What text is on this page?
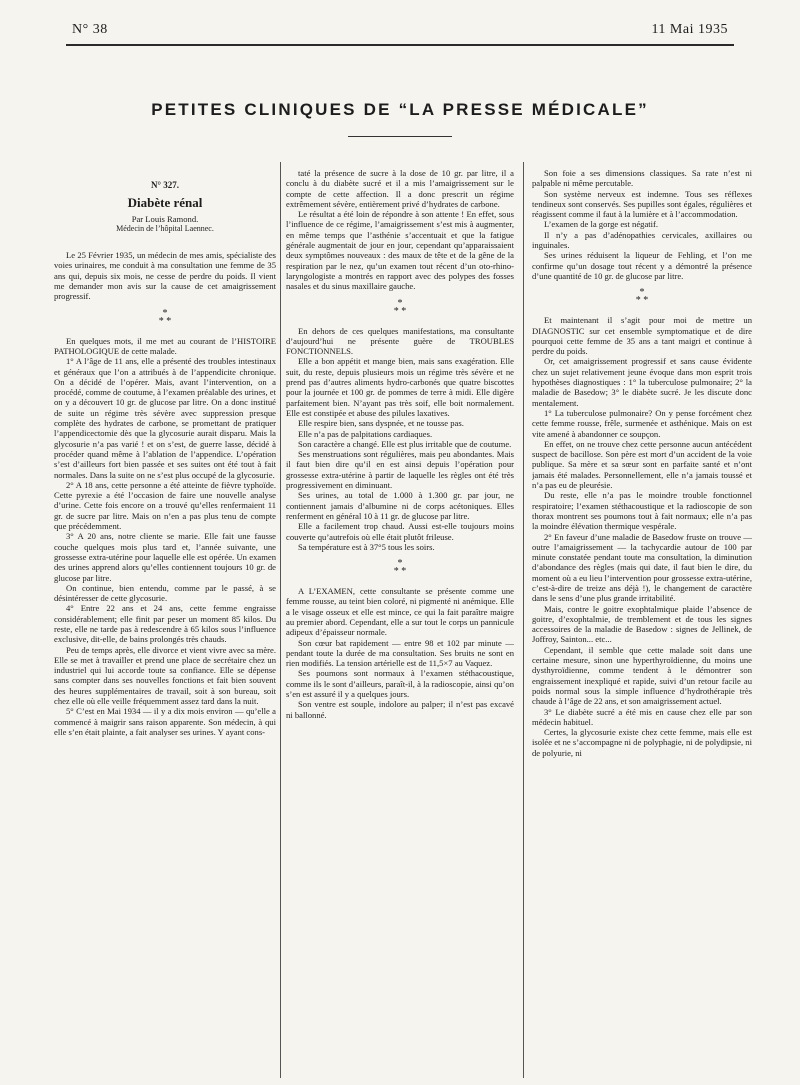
N° 38	11 Mai 1935
PETITES CLINIQUES DE “LA PRESSE MÉDICALE”
N° 327.
Diabète rénal
Par Louis Ramond.
Médecin de l’hôpital Laennec.

Le 25 Février 1935, un médecin de mes amis, spécialiste des voies urinaires, me conduit à ma consultation une femme de 35 ans qui, depuis six mois, ne cesse de perdre du poids. Il vient me demander mon avis sur la cause de cet amaigrissement progressif.

*
* *

En quelques mots, il me met au courant de l’HISTOIRE PATHOLOGIQUE de cette malade.

1° A l’âge de 11 ans, elle a présenté des troubles intestinaux et généraux que l’on a attribués à de l’appendicite chronique. On a décidé de l’opérer. Mais, avant l’intervention, on a procédé, comme de coutume, à l’examen préalable des urines, et on y a découvert 10 gr. de glucose par litre. On a donc institué de suite un régime très sévère avec suppression presque complète des hydrates de carbone, se promettant de pratiquer l’appendicectomie dès que la glycosurie aurait disparu. Mais la glycosurie n’a pas varié ! et on s’est, de guerre lasse, décidé à procéder quand même à l’ablation de l’appendice. L’opération s’est d’ailleurs fort bien passée et ses suites ont été tout à fait normales. Dans la suite on ne s’est plus occupé de la glycosurie.

2° A 18 ans, cette personne a été atteinte de fièvre typhoïde. Cette pyrexie a été l’occasion de faire une nouvelle analyse d’urine. Cette fois encore on a trouvé qu’elles renfermaient 11 gr. de sucre par litre. Mais on n’en a pas plus tenu de compte que précédemment.

3° A 20 ans, notre cliente se marie. Elle fait une fausse couche quelques mois plus tard et, l’année suivante, une grossesse extra-utérine pour laquelle elle est opérée. Un examen des urines apprend alors qu’elles contiennent toujours 10 gr. de glucose par litre.

On continue, bien entendu, comme par le passé, à se désintéresser de cette glycosurie.

4° Entre 22 ans et 24 ans, cette femme engraisse considérablement; elle finit par peser un moment 85 kilos. Du reste, elle ne tarde pas à redescendre à 65 kilos sous l’influence exclusive, dit-elle, de bains prolongés très chauds.

Peu de temps après, elle divorce et vient vivre avec sa mère. Elle se met à travailler et prend une place de secrétaire chez un industriel qui lui accorde toute sa confiance. Elle se dépense sans compter dans ses nouvelles fonctions et fait bien souvent des heures supplémentaires de travail, soit à son bureau, soit chez elle où elle veille fréquemment assez tard dans la nuit.

5° C’est en Mai 1934 — il y a dix mois environ — qu’elle a commencé à maigrir sans raison apparente. Son médecin, à qui elle s’en était plainte, a fait analyser ses urines. Y ayant cons-

taté la présence de sucre à la dose de 10 gr. par litre, il a conclu à du diabète sucré et il a mis l’amaigrissement sur le compte de cette affection. Il a donc prescrit un régime extrêmement sévère, entièrement privé d’hydrates de carbone.

Le résultat a été loin de répondre à son attente ! En effet, sous l’influence de ce régime, l’amaigrissement s’est mis à augmenter, en même temps que l’asthénie s’accentuait et que la fatigue générale augmentait de jour en jour, cependant qu’apparaissaient deux symptômes nouveaux : des maux de tête et de la gêne de la respiration par le nez, qu’un examen tout récent d’un oto-rhino-laryngologiste a montrés en rapport avec des polypes des fosses nasales et du sinus maxillaire gauche.

*
* *

En dehors de ces quelques manifestations, ma consultante d’aujourd’hui ne présente guère de TROUBLES FONCTIONNELS.

Elle a bon appétit et mange bien, mais sans exagération. Elle suit, du reste, depuis plusieurs mois un régime très sévère et ne prend pas d’autres aliments hydro-carbonés que quatre biscottes pour la journée et 100 gr. de pommes de terre à midi. Elle digère parfaitement bien. N’ayant pas très soif, elle boit normalement. Elle est constipée et abuse des pilules laxatives.

Elle respire bien, sans dyspnée, et ne tousse pas.

Elle n’a pas de palpitations cardiaques.

Son caractère a changé. Elle est plus irritable que de coutume.

Ses menstruations sont régulières, mais peu abondantes. Mais il faut bien dire qu’il en est ainsi depuis l’opération pour grossesse extra-utérine à partir de laquelle les règles ont été très progressivement en diminuant.

Ses urines, au total de 1.000 à 1.300 gr. par jour, ne contiennent jamais d’albumine ni de corps acétoniques. Elles renferment en général 10 à 11 gr. de glucose par litre.

Elle a facilement trop chaud. Aussi est-elle toujours moins couverte qu’autrefois où elle était plutôt frileuse.

Sa température est à 37°5 tous les soirs.

*
* *

A L’EXAMEN, cette consultante se présente comme une femme rousse, au teint bien coloré, ni pigmenté ni anémique. Elle a le visage osseux et elle est mince, ce qui la fait paraître maigre au premier abord. Cependant, elle a sur tout le corps un pannicule adipeux d’épaisseur normale.

Son cœur bat rapidement — entre 98 et 102 par minute — pendant toute la durée de ma consultation. Ses bruits ne sont en rien modifiés. La tension artérielle est de 11,5×7 au Vaquez.

Ses poumons sont normaux à l’examen stéthacoustique, comme ils le sont d’ailleurs, paraît-il, à la radioscopie, ainsi qu’on s’en est assuré il y a quelques jours.

Son ventre est souple, indolore au palper; il n’est pas excavé ni ballonné.

Son foie a ses dimensions classiques. Sa rate n’est ni palpable ni même percutable.

Son système nerveux est indemne. Tous ses réflexes tendineux sont conservés. Ses pupilles sont égales, régulières et réagissent comme il faut à la lumière et à l’accommodation.

L’examen de la gorge est négatif.

Il n’y a pas d’adénopathies cervicales, axillaires ou inguinales.

Ses urines réduisent la liqueur de Fehling, et l’on me confirme qu’un dosage tout récent y a démontré la présence d’une quantité de 10 gr. de glucose par litre.

*
* *

Et maintenant il s’agit pour moi de mettre un DIAGNOSTIC sur cet ensemble symptomatique et de dire pourquoi cette femme de 35 ans a tant maigri et continue à perdre du poids.

Or, cet amaigrissement progressif et sans cause évidente chez un sujet relativement jeune évoque dans mon esprit trois hypothèses diagnostiques : 1° la tuberculose pulmonaire; 2° la maladie de Basedow; 3° le diabète sucré. Je les discute donc mentalement.

1° La tuberculose pulmonaire? On y pense forcément chez cette femme rousse, frêle, surmenée et asthénique. Mais on est vite amené à abandonner ce soupçon.

En effet, on ne trouve chez cette personne aucun antécédent suspect de bacillose. Son père est mort d’un accident de la voie publique. Sa mère et sa sœur sont en parfaite santé et n’ont jamais été malades. Personnellement, elle n’a jamais toussé et n’a pas eu de pleurésie.

Du reste, elle n’a pas le moindre trouble fonctionnel respiratoire; l’examen stéthacoustique et la radioscopie de son thorax montrent ses poumons tout à fait normaux; elle n’a pas la moindre élévation thermique vespérale.

2° En faveur d’une maladie de Basedow fruste on trouve — outre l’amaigrissement — la tachycardie autour de 100 par minute constatée pendant toute ma consultation, la diminution d’abondance des règles (mais qui date, il faut bien le dire, du moment où a eu lieu l’intervention pour grossesse extra-utérine, c’est-à-dire de treize ans déjà !), le changement de caractère dans le sens d’une plus grande irritabilité.

Mais, contre le goitre exophtalmique plaide l’absence de goitre, d’exophtalmie, de tremblement et de tous les signes accessoires de la maladie de Basedow : signes de Jellinek, de Joffroy, Sainton... etc...

Cependant, il semble que cette malade soit dans une certaine mesure, sinon une hyperthyroïdienne, du moins une dysthyroïdienne, comme tendent à le démontrer son engraissement inexpliqué et rapide, suivi d’un retour facile au poids normal sous la simple influence d’hydrothérapie très chaude à l’âge de 22 ans, et son amaigrissement actuel.

3° Le diabète sucré a été mis en cause chez elle par son médecin habituel.

Certes, la glycosurie existe chez cette femme, mais elle est isolée et ne s’accompagne ni de polyphagie, ni de polydipsie, ni de polyurie, ni
